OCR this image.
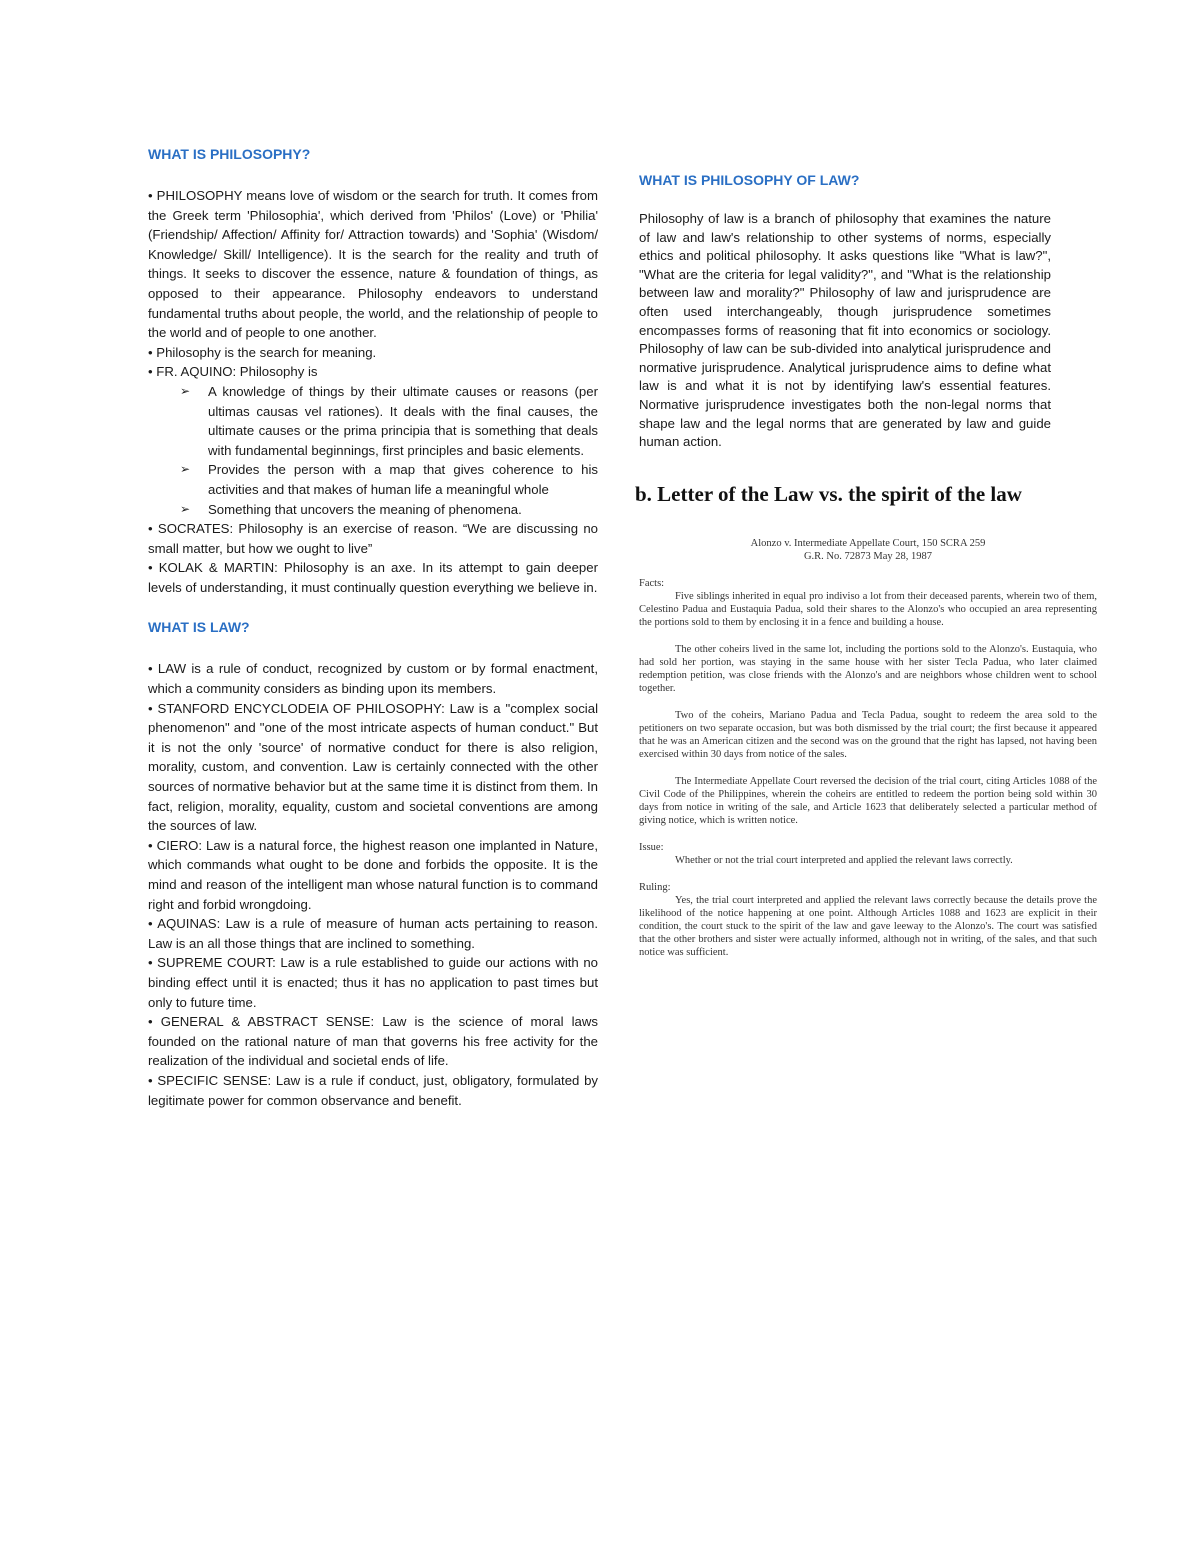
WHAT IS PHILOSOPHY?

• PHILOSOPHY means love of wisdom or the search for truth. It comes from the Greek term 'Philosophia', which derived from 'Philos' (Love) or 'Philia' (Friendship/ Affection/ Affinity for/ Attraction towards) and 'Sophia' (Wisdom/ Knowledge/ Skill/ Intelligence). It is the search for the reality and truth of things. It seeks to discover the essence, nature & foundation of things, as opposed to their appearance. Philosophy endeavors to understand fundamental truths about people, the world, and the relationship of people to the world and of people to one another.

• Philosophy is the search for meaning.

• FR. AQUINO: Philosophy is

➢ A knowledge of things by their ultimate causes or reasons (per ultimas causas vel rationes). It deals with the final causes, the ultimate causes or the prima principia that is something that deals with fundamental beginnings, first principles and basic elements.
➢ Provides the person with a map that gives coherence to his activities and that makes of human life a meaningful whole
➢ Something that uncovers the meaning of phenomena.

• SOCRATES: Philosophy is an exercise of reason. “We are discussing no small matter, but how we ought to live”

• KOLAK & MARTIN: Philosophy is an axe. In its attempt to gain deeper levels of understanding, it must continually question everything we believe in.

WHAT IS LAW?

• LAW is a rule of conduct, recognized by custom or by formal enactment, which a community considers as binding upon its members.

• STANFORD ENCYCLODEIA OF PHILOSOPHY: Law is a "complex social phenomenon" and "one of the most intricate aspects of human conduct." But it is not the only 'source' of normative conduct for there is also religion, morality, custom, and convention. Law is certainly connected with the other sources of normative behavior but at the same time it is distinct from them. In fact, religion, morality, equality, custom and societal conventions are among the sources of law.

• CIERO: Law is a natural force, the highest reason one implanted in Nature, which commands what ought to be done and forbids the opposite. It is the mind and reason of the intelligent man whose natural function is to command right and forbid wrongdoing.

• AQUINAS: Law is a rule of measure of human acts pertaining to reason. Law is an all those things that are inclined to something.

• SUPREME COURT: Law is a rule established to guide our actions with no binding effect until it is enacted; thus it has no application to past times but only to future time.

• GENERAL & ABSTRACT SENSE: Law is the science of moral laws founded on the rational nature of man that governs his free activity for the realization of the individual and societal ends of life.

• SPECIFIC SENSE: Law is a rule if conduct, just, obligatory, formulated by legitimate power for common observance and benefit.

WHAT IS PHILOSOPHY OF LAW?

Philosophy of law is a branch of philosophy that examines the nature of law and law's relationship to other systems of norms, especially ethics and political philosophy. It asks questions like "What is law?", "What are the criteria for legal validity?", and "What is the relationship between law and morality?" Philosophy of law and jurisprudence are often used interchangeably, though jurisprudence sometimes encompasses forms of reasoning that fit into economics or sociology. Philosophy of law can be sub-divided into analytical jurisprudence and normative jurisprudence. Analytical jurisprudence aims to define what law is and what it is not by identifying law's essential features. Normative jurisprudence investigates both the non-legal norms that shape law and the legal norms that are generated by law and guide human action.

b. Letter of the Law vs. the spirit of the law

Alonzo v. Intermediate Appellate Court, 150 SCRA 259

G.R. No. 72873 May 28, 1987

Facts:

Five siblings inherited in equal pro indiviso a lot from their deceased parents, wherein two of them, Celestino Padua and Eustaquia Padua, sold their shares to the Alonzo's who occupied an area representing the portions sold to them by enclosing it in a fence and building a house.

The other coheirs lived in the same lot, including the portions sold to the Alonzo's. Eustaquia, who had sold her portion, was staying in the same house with her sister Tecla Padua, who later claimed redemption petition, was close friends with the Alonzo's and are neighbors whose children went to school together.

Two of the coheirs, Mariano Padua and Tecla Padua, sought to redeem the area sold to the petitioners on two separate occasion, but was both dismissed by the trial court; the first because it appeared that he was an American citizen and the second was on the ground that the right has lapsed, not having been exercised within 30 days from notice of the sales.

The Intermediate Appellate Court reversed the decision of the trial court, citing Articles 1088 of the Civil Code of the Philippines, wherein the coheirs are entitled to redeem the portion being sold within 30 days from notice in writing of the sale, and Article 1623 that deliberately selected a particular method of giving notice, which is written notice.

Issue:

Whether or not the trial court interpreted and applied the relevant laws correctly.

Ruling:

Yes, the trial court interpreted and applied the relevant laws correctly because the details prove the likelihood of the notice happening at one point. Although Articles 1088 and 1623 are explicit in their condition, the court stuck to the spirit of the law and gave leeway to the Alonzo's. The court was satisfied that the other brothers and sister were actually informed, although not in writing, of the sales, and that such notice was sufficient.
